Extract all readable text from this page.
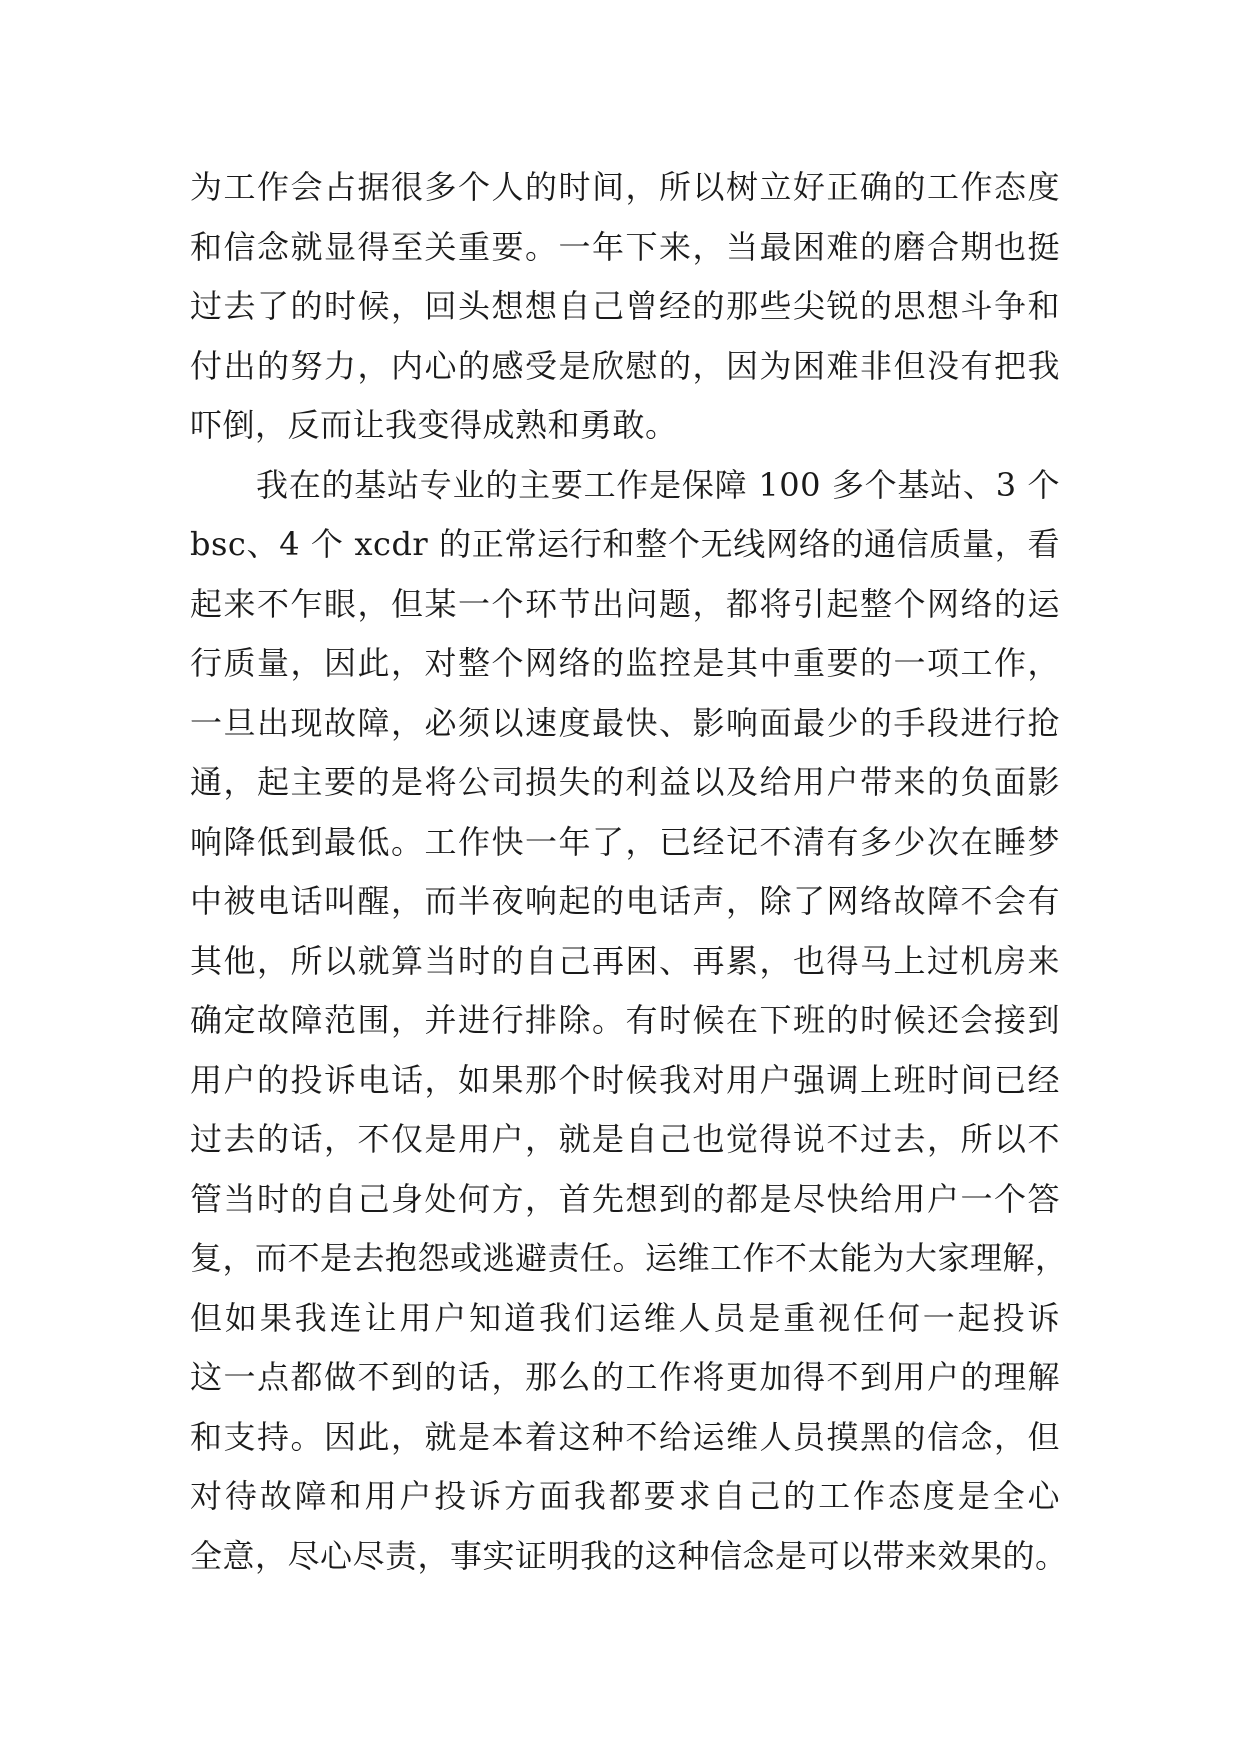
为工作会占据很多个人的时间，所以树立好正确的工作态度
和信念就显得至关重要。一年下来，当最困难的磨合期也挺
过去了的时候，回头想想自己曾经的那些尖锐的思想斗争和
付出的努力，内心的感受是欣慰的，因为困难非但没有把我
吓倒，反而让我变得成熟和勇敢。
我在的基站专业的主要工作是保障 100 多个基站、3 个
bsc、4 个 xcdr 的正常运行和整个无线网络的通信质量，看
起来不乍眼，但某一个环节出问题，都将引起整个网络的运
行质量，因此，对整个网络的监控是其中重要的一项工作，
一旦出现故障，必须以速度最快、影响面最少的手段进行抢
通，起主要的是将公司损失的利益以及给用户带来的负面影
响降低到最低。工作快一年了，已经记不清有多少次在睡梦
中被电话叫醒，而半夜响起的电话声，除了网络故障不会有
其他，所以就算当时的自己再困、再累，也得马上过机房来
确定故障范围，并进行排除。有时候在下班的时候还会接到
用户的投诉电话，如果那个时候我对用户强调上班时间已经
过去的话，不仅是用户，就是自己也觉得说不过去，所以不
管当时的自己身处何方，首先想到的都是尽快给用户一个答
复，而不是去抱怨或逃避责任。运维工作不太能为大家理解，
但如果我连让用户知道我们运维人员是重视任何一起投诉
这一点都做不到的话，那么的工作将更加得不到用户的理解
和支持。因此，就是本着这种不给运维人员摸黑的信念，但
对待故障和用户投诉方面我都要求自己的工作态度是全心
全意，尽心尽责，事实证明我的这种信念是可以带来效果的。
